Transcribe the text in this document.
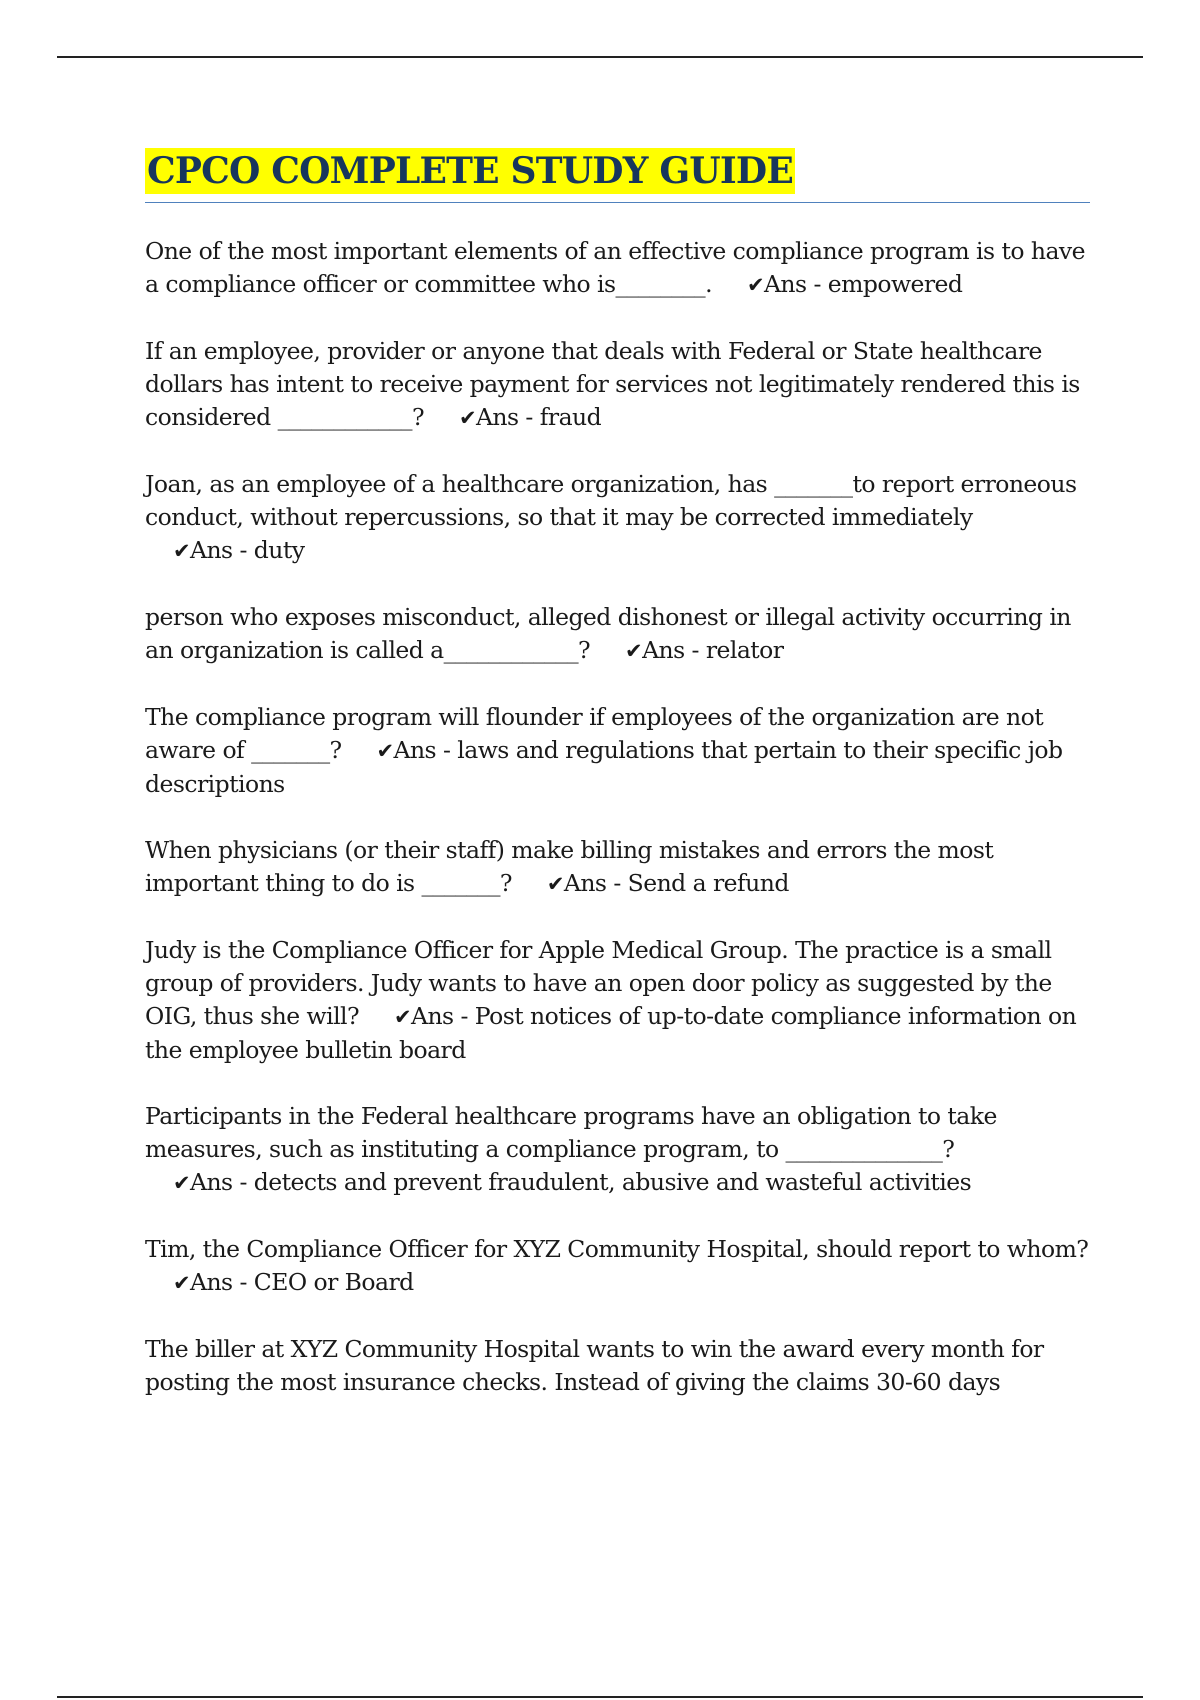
CPCO COMPLETE STUDY GUIDE
One of the most important elements of an effective compliance program is to have a compliance officer or committee who is________. ✔Ans - empowered
If an employee, provider or anyone that deals with Federal or State healthcare dollars has intent to receive payment for services not legitimately rendered this is considered ____________? ✔Ans - fraud
Joan, as an employee of a healthcare organization, has _______to report erroneous conduct, without repercussions, so that it may be corrected immediately ✔Ans - duty
person who exposes misconduct, alleged dishonest or illegal activity occurring in an organization is called a____________? ✔Ans - relator
The compliance program will flounder if employees of the organization are not aware of _______? ✔Ans - laws and regulations that pertain to their specific job descriptions
When physicians (or their staff) make billing mistakes and errors the most important thing to do is _______? ✔Ans - Send a refund
Judy is the Compliance Officer for Apple Medical Group. The practice is a small group of providers. Judy wants to have an open door policy as suggested by the OIG, thus she will? ✔Ans - Post notices of up-to-date compliance information on the employee bulletin board
Participants in the Federal healthcare programs have an obligation to take measures, such as instituting a compliance program, to ______________? ✔Ans - detects and prevent fraudulent, abusive and wasteful activities
Tim, the Compliance Officer for XYZ Community Hospital, should report to whom? ✔Ans - CEO or Board
The biller at XYZ Community Hospital wants to win the award every month for posting the most insurance checks. Instead of giving the claims 30-60 days
